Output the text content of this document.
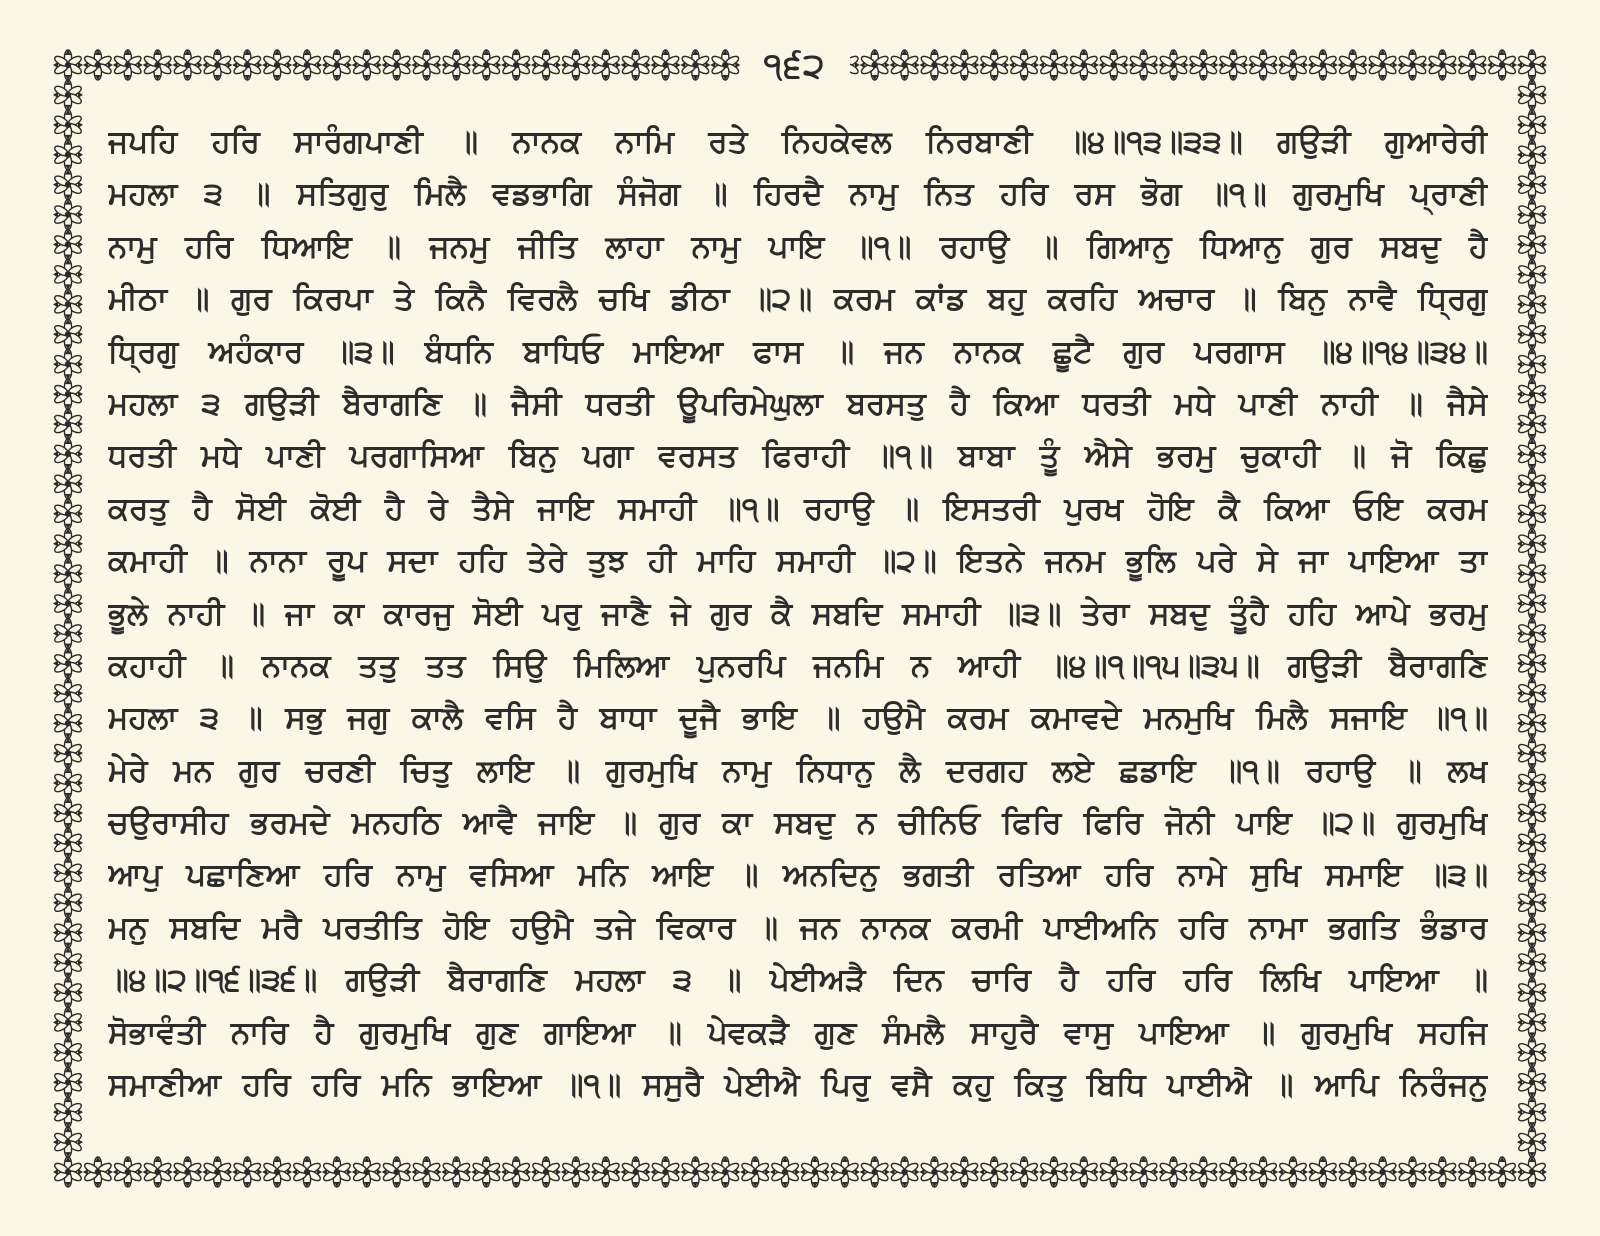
੧੬੨
ਜਪਹਿ ਹਰਿ ਸਾਰੰਗਪਾਣੀ ॥ ਨਾਨਕ ਨਾਮਿ ਰਤੇ ਨਿਹਕੇਵਲ ਨਿਰਬਾਣੀ ॥੪॥੧੩॥੩੩॥ ਗਉੜੀ ਗੁਆਰੇਰੀ
ਮਹਲਾ ੩ ॥ ਸਤਿਗੁਰੁ ਮਿਲੈ ਵਡਭਾਗਿ ਸੰਜੋਗ ॥ ਹਿਰਦੈ ਨਾਮੁ ਨਿਤ ਹਰਿ ਰਸ ਭੋਗ ॥੧॥ ਗੁਰਮੁਖਿ ਪ੍ਰਾਣੀ
ਨਾਮੁ ਹਰਿ ਧਿਆਇ ॥ ਜਨਮੁ ਜੀਤਿ ਲਾਹਾ ਨਾਮੁ ਪਾਇ ॥੧॥ ਰਹਾਉ ॥ ਗਿਆਨੁ ਧਿਆਨੁ ਗੁਰ ਸਬਦੁ ਹੈ
ਮੀਠਾ ॥ ਗੁਰ ਕਿਰਪਾ ਤੇ ਕਿਨੈ ਵਿਰਲੈ ਚਖਿ ਡੀਠਾ ॥੨॥ ਕਰਮ ਕਾਂਡ ਬਹੁ ਕਰਹਿ ਅਚਾਰ ॥ ਬਿਨੁ ਨਾਵੈ ਧ੍ਰਿਗੁ
ਧ੍ਰਿਗੁ ਅਹੰਕਾਰ ॥੩॥ ਬੰਧਨਿ ਬਾਧਿਓ ਮਾਇਆ ਫਾਸ ॥ ਜਨ ਨਾਨਕ ਛੂਟੈ ਗੁਰ ਪਰਗਾਸ ॥੪॥੧੪॥੩੪॥
ਮਹਲਾ ੩ ਗਉੜੀ ਬੈਰਾਗਣਿ ॥ ਜੈਸੀ ਧਰਤੀ ਊਪਰਿਮੇਘੁਲਾ ਬਰਸਤੁ ਹੈ ਕਿਆ ਧਰਤੀ ਮਧੇ ਪਾਣੀ ਨਾਹੀ ॥ ਜੈਸੇ
ਧਰਤੀ ਮਧੇ ਪਾਣੀ ਪਰਗਾਸਿਆ ਬਿਨੁ ਪਗਾ ਵਰਸਤ ਫਿਰਾਹੀ ॥੧॥ ਬਾਬਾ ਤੂੰ ਐਸੇ ਭਰਮੁ ਚੁਕਾਹੀ ॥ ਜੋ ਕਿਛੁ
ਕਰਤੁ ਹੈ ਸੋਈ ਕੋਈ ਹੈ ਰੇ ਤੈਸੇ ਜਾਇ ਸਮਾਹੀ ॥੧॥ ਰਹਾਉ ॥ ਇਸਤਰੀ ਪੁਰਖ ਹੋਇ ਕੈ ਕਿਆ ਓਇ ਕਰਮ
ਕਮਾਹੀ ॥ ਨਾਨਾ ਰੂਪ ਸਦਾ ਹਹਿ ਤੇਰੇ ਤੁਝ ਹੀ ਮਾਹਿ ਸਮਾਹੀ ॥੨॥ ਇਤਨੇ ਜਨਮ ਭੂਲਿ ਪਰੇ ਸੇ ਜਾ ਪਾਇਆ ਤਾ
ਭੂਲੇ ਨਾਹੀ ॥ ਜਾ ਕਾ ਕਾਰਜੁ ਸੋਈ ਪਰੁ ਜਾਣੈ ਜੇ ਗੁਰ ਕੈ ਸਬਦਿ ਸਮਾਹੀ ॥੩॥ ਤੇਰਾ ਸਬਦੁ ਤੂੰਹੈ ਹਹਿ ਆਪੇ ਭਰਮੁ
ਕਹਾਹੀ ॥ ਨਾਨਕ ਤਤੁ ਤਤ ਸਿਉ ਮਿਲਿਆ ਪੁਨਰਪਿ ਜਨਮਿ ਨ ਆਹੀ ॥੪॥੧॥੧੫॥੩੫॥ ਗਉੜੀ ਬੈਰਾਗਣਿ
ਮਹਲਾ ੩ ॥ ਸਭੁ ਜਗੁ ਕਾਲੈ ਵਸਿ ਹੈ ਬਾਧਾ ਦੂਜੈ ਭਾਇ ॥ ਹਉਮੈ ਕਰਮ ਕਮਾਵਦੇ ਮਨਮੁਖਿ ਮਿਲੈ ਸਜਾਇ ॥੧॥
ਮੇਰੇ ਮਨ ਗੁਰ ਚਰਣੀ ਚਿਤੁ ਲਾਇ ॥ ਗੁਰਮੁਖਿ ਨਾਮੁ ਨਿਧਾਨੁ ਲੈ ਦਰਗਹ ਲਏ ਛਡਾਇ ॥੧॥ ਰਹਾਉ ॥ ਲਖ
ਚਉਰਾਸੀਹ ਭਰਮਦੇ ਮਨਹਠਿ ਆਵੈ ਜਾਇ ॥ ਗੁਰ ਕਾ ਸਬਦੁ ਨ ਚੀਨਿਓ ਫਿਰਿ ਫਿਰਿ ਜੋਨੀ ਪਾਇ ॥੨॥ ਗੁਰਮੁਖਿ
ਆਪੁ ਪਛਾਣਿਆ ਹਰਿ ਨਾਮੁ ਵਸਿਆ ਮਨਿ ਆਇ ॥ ਅਨਦਿਨੁ ਭਗਤੀ ਰਤਿਆ ਹਰਿ ਨਾਮੇ ਸੁਖਿ ਸਮਾਇ ॥੩॥
ਮਨੁ ਸਬਦਿ ਮਰੈ ਪਰਤੀਤਿ ਹੋਇ ਹਉਮੈ ਤਜੇ ਵਿਕਾਰ ॥ ਜਨ ਨਾਨਕ ਕਰਮੀ ਪਾਈਅਨਿ ਹਰਿ ਨਾਮਾ ਭਗਤਿ ਭੰਡਾਰ
॥੪॥੨॥੧੬॥੩੬॥ ਗਉੜੀ ਬੈਰਾਗਣਿ ਮਹਲਾ ੩ ॥ ਪੇਈਅੜੈ ਦਿਨ ਚਾਰਿ ਹੈ ਹਰਿ ਹਰਿ ਲਿਖਿ ਪਾਇਆ ॥
ਸੋਭਾਵੰਤੀ ਨਾਰਿ ਹੈ ਗੁਰਮੁਖਿ ਗੁਣ ਗਾਇਆ ॥ ਪੇਵਕੜੈ ਗੁਣ ਸੰਮਲੈ ਸਾਹੁਰੈ ਵਾਸੁ ਪਾਇਆ ॥ ਗੁਰਮੁਖਿ ਸਹਜਿ
ਸਮਾਣੀਆ ਹਰਿ ਹਰਿ ਮਨਿ ਭਾਇਆ ॥੧॥ ਸਸੁਰੈ ਪੇਈਐ ਪਿਰੁ ਵਸੈ ਕਹੁ ਕਿਤੁ ਬਿਧਿ ਪਾਈਐ ॥ ਆਪਿ ਨਿਰੰਜਨੁ
